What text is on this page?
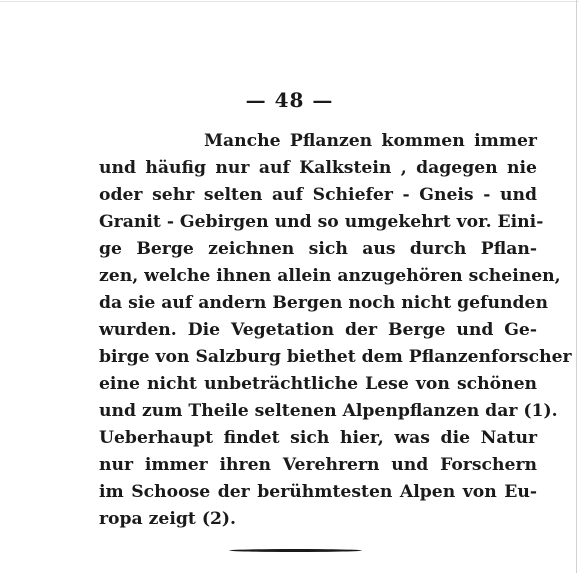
— 48 —
Manche Pflanzen kommen immer
und häufig nur auf Kalkstein , dagegen nie
oder sehr selten auf Schiefer - Gneis - und
Granit - Gebirgen und so umgekehrt vor. Eini-
ge Berge zeichnen sich aus durch Pflan-
zen, welche ihnen allein anzugehören scheinen,
da sie auf andern Bergen noch nicht gefunden
wurden. Die Vegetation der Berge und Ge-
birge von Salzburg biethet dem Pflanzenforscher
eine nicht unbeträchtliche Lese von schönen
und zum Theile seltenen Alpenpflanzen dar (1).
Ueberhaupt findet sich hier, was die Natur
nur immer ihren Verehrern und Forschern
im Schoose der berühmtesten Alpen von Eu-
ropa zeigt (2).
